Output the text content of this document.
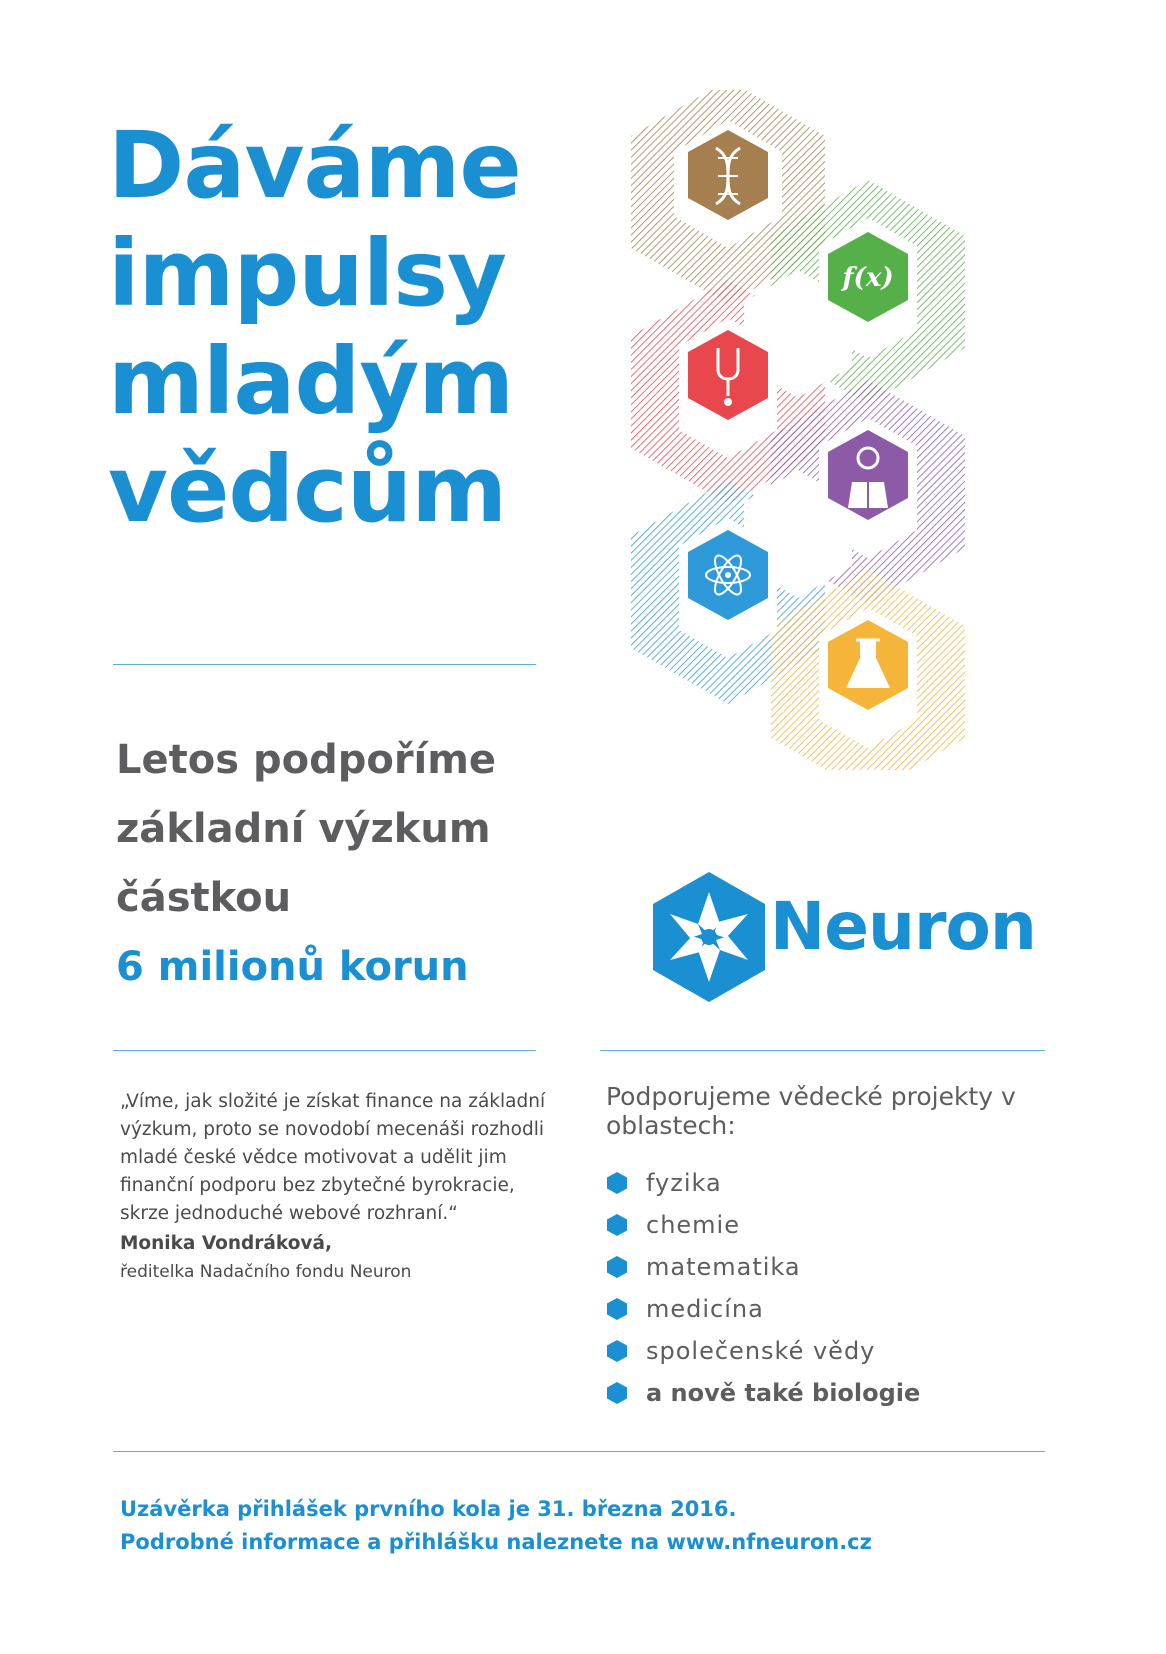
Dáváme
impulsy
mladým
vědcům
f(x)
Letos podpoříme
základní výzkum
částkou
6 milionů korun
Neuron
„Víme, jak složité je získat finance na základní výzkum, proto se novodobí mecenáši rozhodli mladé české vědce motivovat a udělit jim finanční podporu bez zbytečné byrokracie, skrze jednoduché webové rozhraní.“
Monika Vondráková,
ředitelka Nadačního fondu Neuron
Podporujeme vědecké projekty v oblastech:
fyzika
chemie
matematika
medicína
společenské vědy
a nově také biologie
Uzávěrka přihlášek prvního kola je 31. března 2016.
Podrobné informace a přihlášku naleznete na www.nfneuron.cz
